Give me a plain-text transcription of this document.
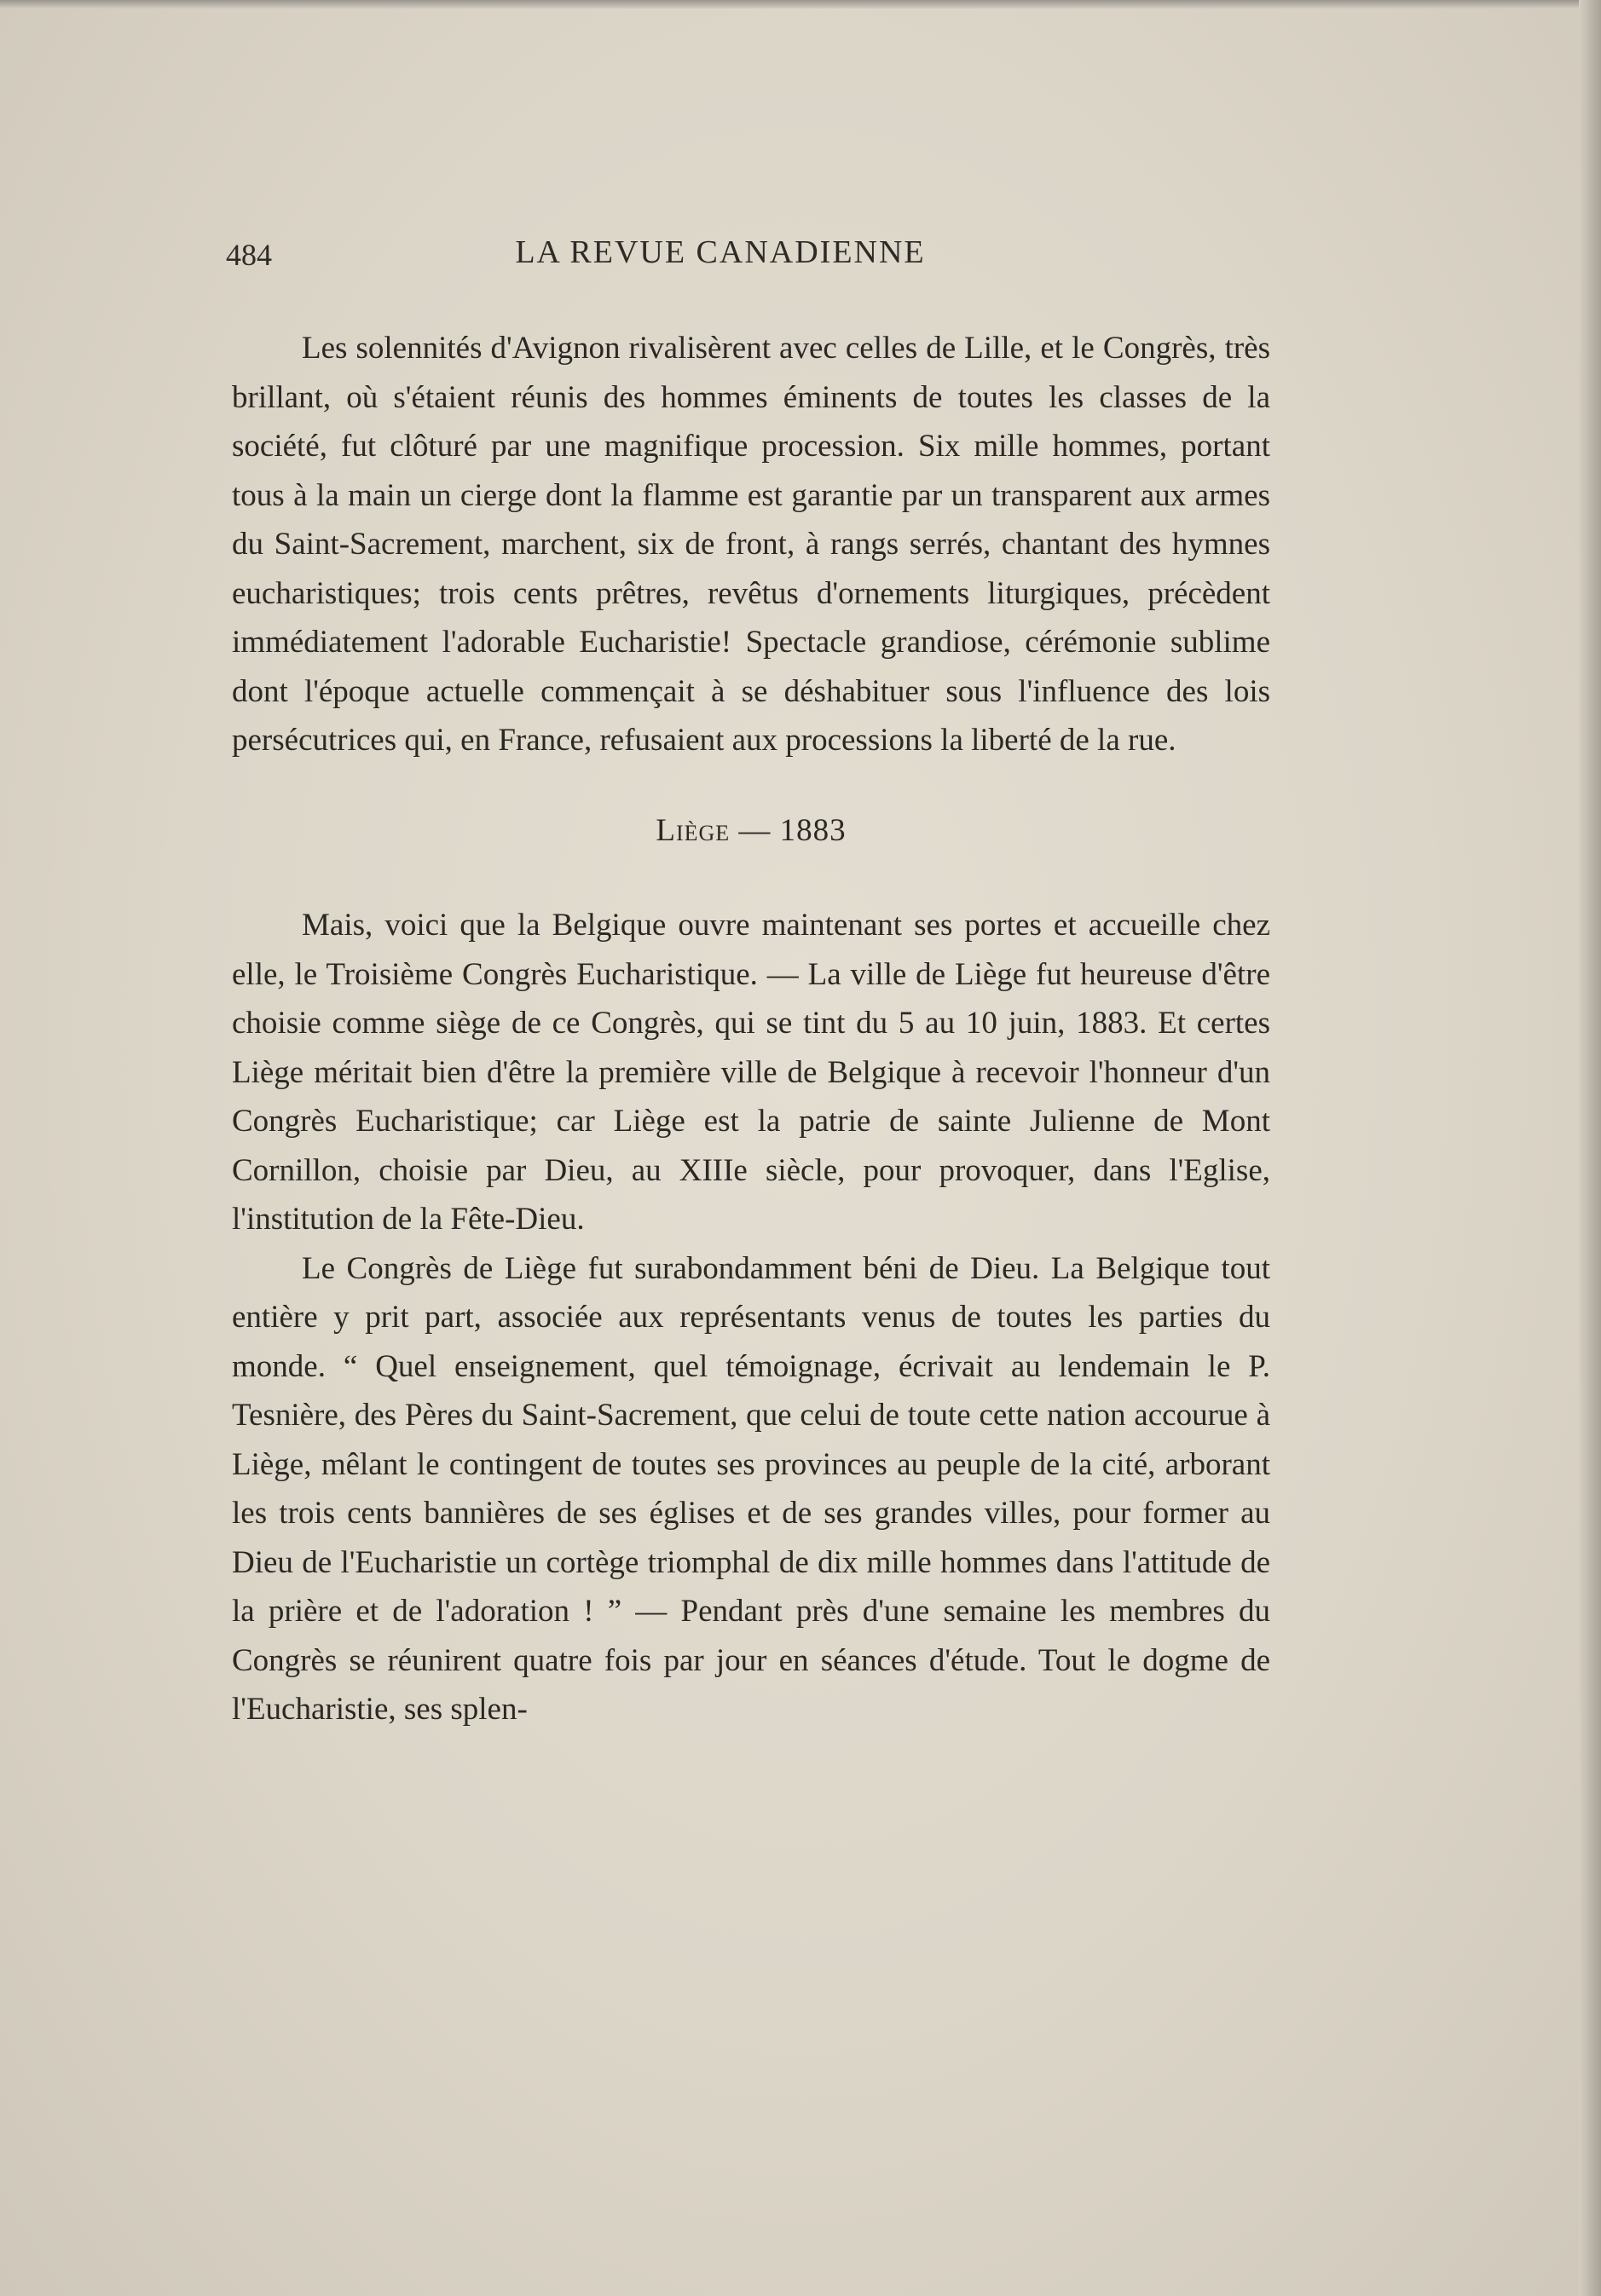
484	LA REVUE CANADIENNE

Les solennités d'Avignon rivalisèrent avec celles de Lille, et le Congrès, très brillant, où s'étaient réunis des hommes éminents de toutes les classes de la société, fut clôturé par une magnifique procession. Six mille hommes, portant tous à la main un cierge dont la flamme est garantie par un transparent aux armes du Saint-Sacrement, marchent, six de front, à rangs serrés, chantant des hymnes eucharistiques; trois cents prêtres, revêtus d'ornements liturgiques, précèdent immédiatement l'adorable Eucharistie! Spectacle grandiose, cérémonie sublime dont l'époque actuelle commençait à se déshabituer sous l'influence des lois persécutrices qui, en France, refusaient aux processions la liberté de la rue.

Liège — 1883

Mais, voici que la Belgique ouvre maintenant ses portes et accueille chez elle, le Troisième Congrès Eucharistique. — La ville de Liège fut heureuse d'être choisie comme siège de ce Congrès, qui se tint du 5 au 10 juin, 1883. Et certes Liège méritait bien d'être la première ville de Belgique à recevoir l'honneur d'un Congrès Eucharistique; car Liège est la patrie de sainte Julienne de Mont Cornillon, choisie par Dieu, au XIIIe siècle, pour provoquer, dans l'Eglise, l'institution de la Fête-Dieu.

Le Congrès de Liège fut surabondamment béni de Dieu. La Belgique tout entière y prit part, associée aux représentants venus de toutes les parties du monde. “ Quel enseignement, quel témoignage, écrivait au lendemain le P. Tesnière, des Pères du Saint-Sacrement, que celui de toute cette nation accourue à Liège, mêlant le contingent de toutes ses provinces au peuple de la cité, arborant les trois cents bannières de ses églises et de ses grandes villes, pour former au Dieu de l'Eucharistie un cortège triomphal de dix mille hommes dans l'attitude de la prière et de l'adoration ! ” — Pendant près d'une semaine les membres du Congrès se réunirent quatre fois par jour en séances d'étude. Tout le dogme de l'Eucharistie, ses splen-
